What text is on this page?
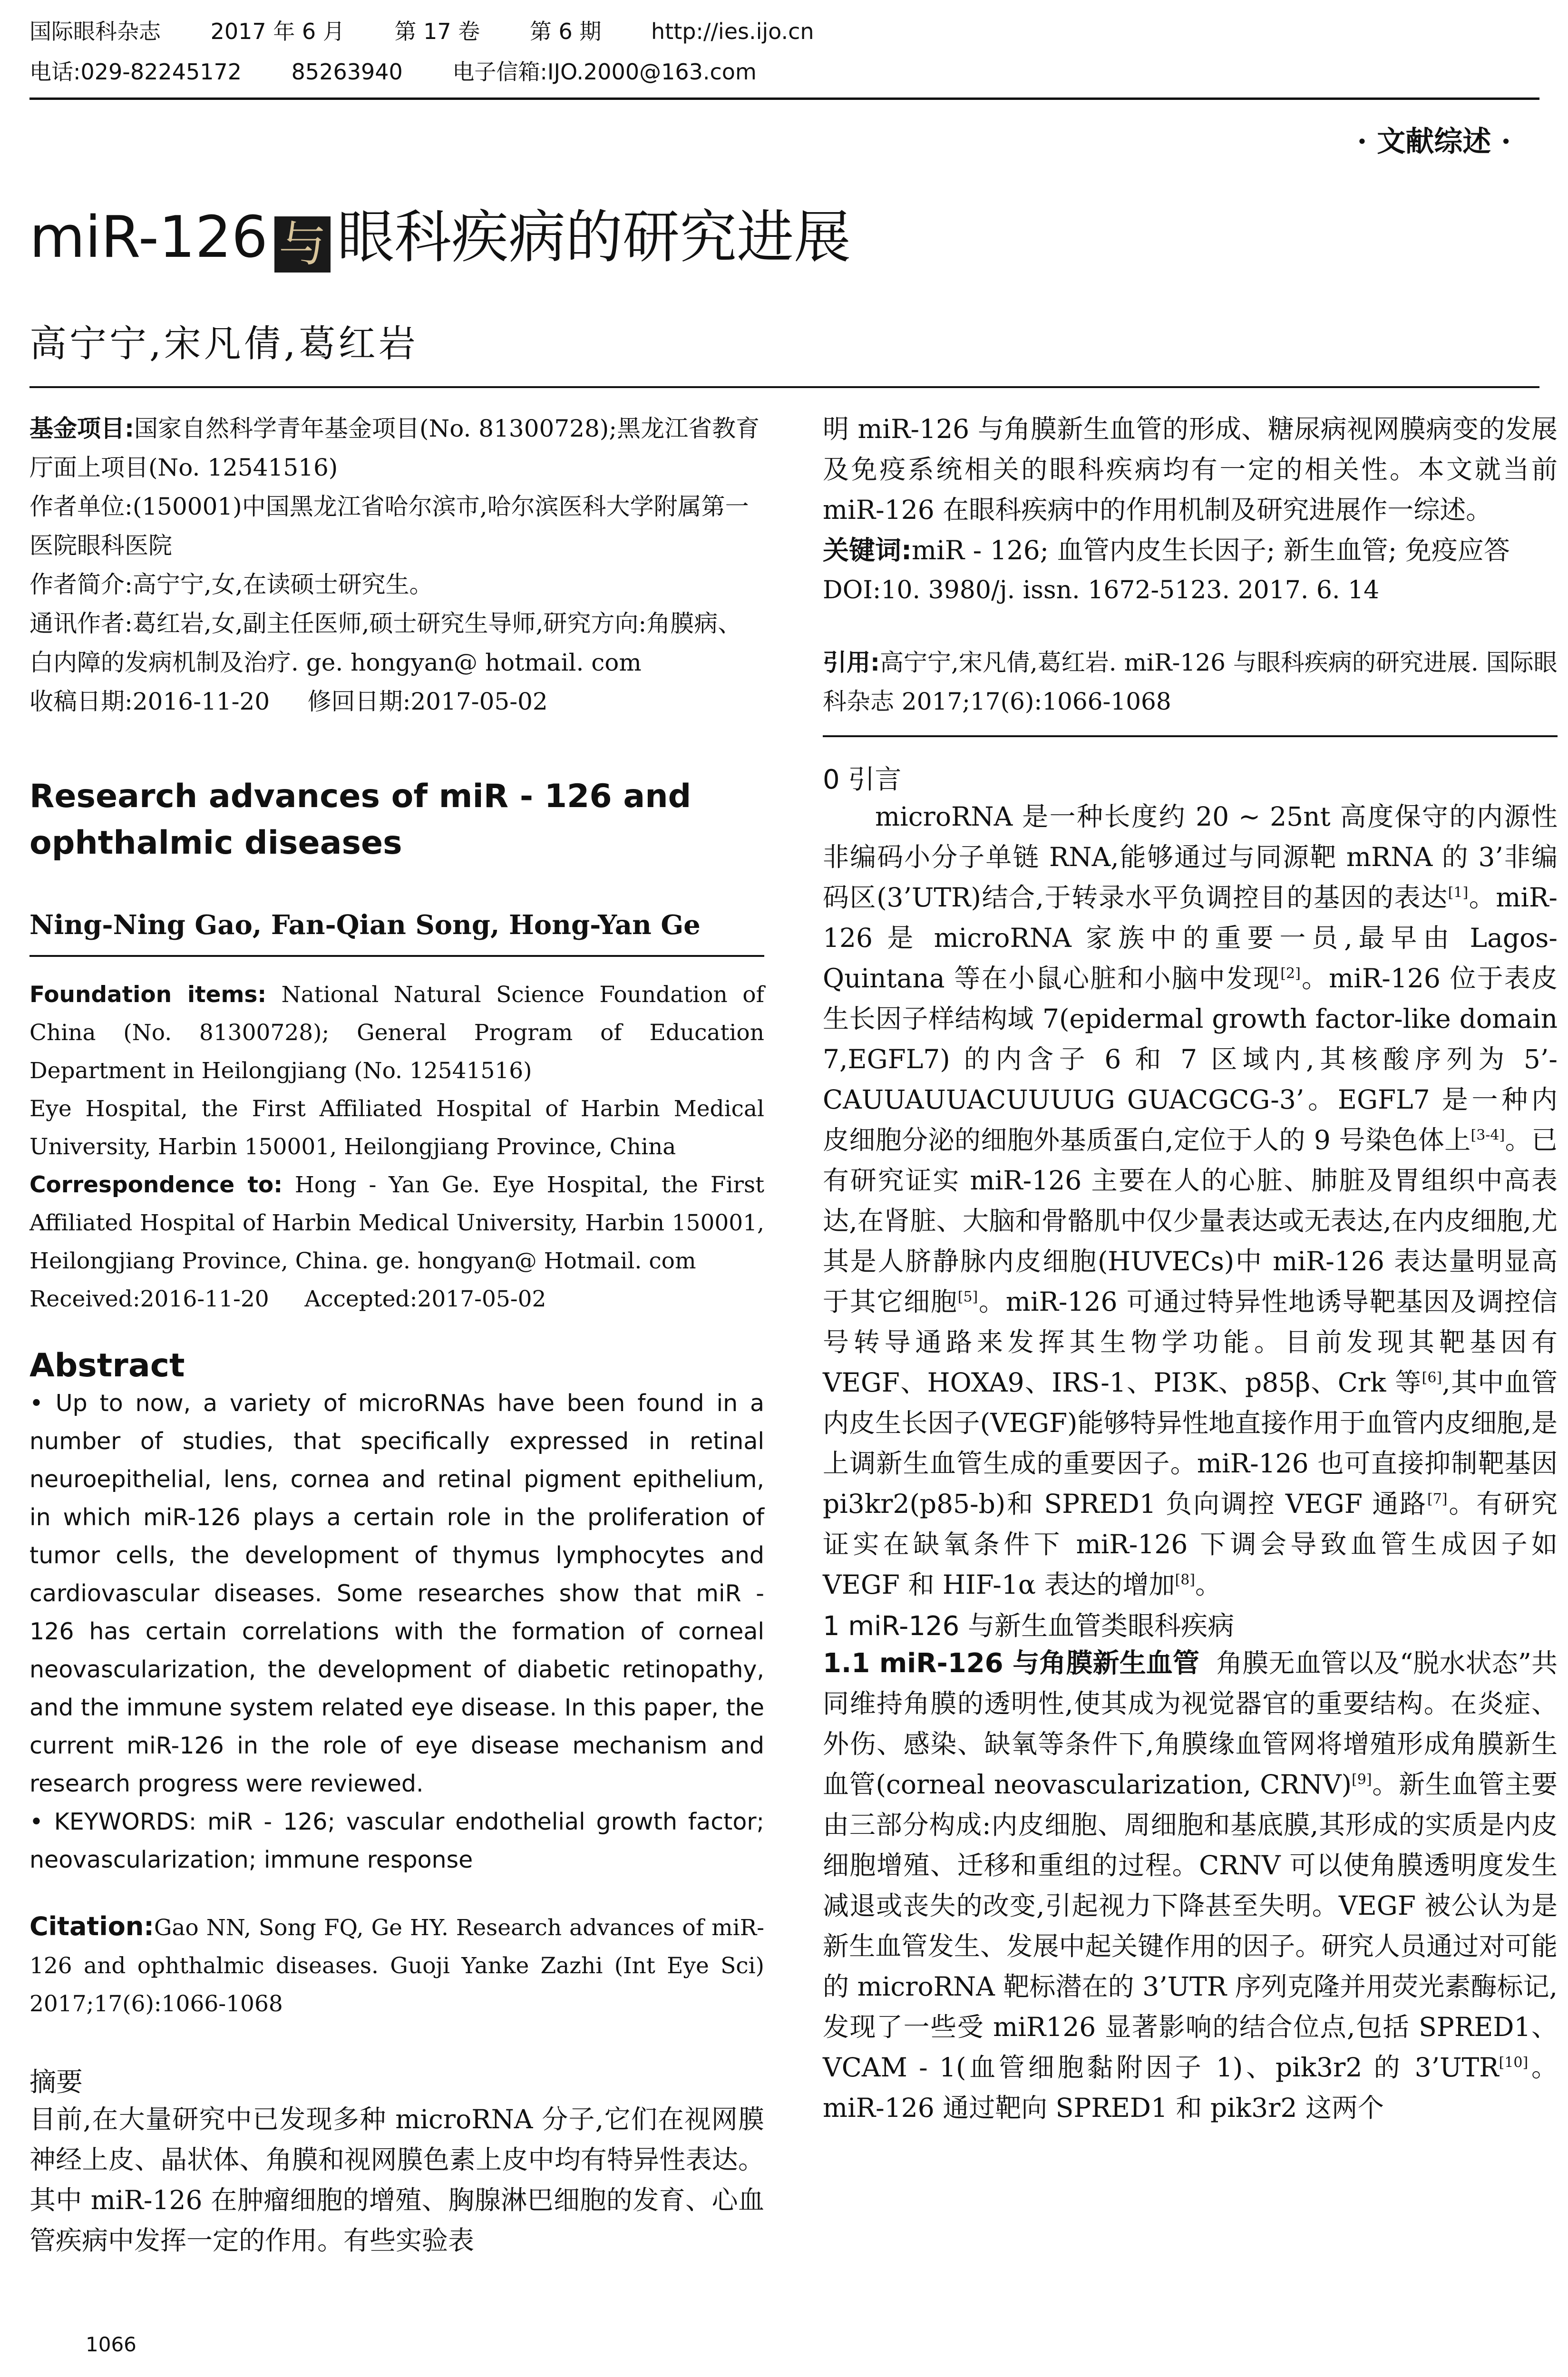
国际眼科杂志 2017 年 6 月 第 17 卷 第 6 期 http://ies.ijo.cn
电话:029-82245172 85263940 电子信箱:IJO.2000@163.com
· 文献综述 ·
miR-126 与 眼科疾病的研究进展
高宁宁,宋凡倩,葛红岩

基金项目:国家自然科学青年基金项目(No. 81300728);黑龙江省教育厅面上项目(No. 12541516)

作者单位:(150001)中国黑龙江省哈尔滨市,哈尔滨医科大学附属第一医院眼科医院

作者简介:高宁宁,女,在读硕士研究生。

通讯作者:葛红岩,女,副主任医师,硕士研究生导师,研究方向:角膜病、白内障的发病机制及治疗. ge. hongyan@ hotmail. com

收稿日期:2016-11-20     修回日期:2017-05-02

Research advances of miR - 126 and ophthalmic diseases

Ning-Ning Gao, Fan-Qian Song, Hong-Yan Ge

Foundation items: National Natural Science Foundation of China (No. 81300728); General Program of Education Department in Heilongjiang (No. 12541516)

Eye Hospital, the First Affiliated Hospital of Harbin Medical University, Harbin 150001, Heilongjiang Province, China

Correspondence to: Hong - Yan Ge. Eye Hospital, the First Affiliated Hospital of Harbin Medical University, Harbin 150001, Heilongjiang Province, China. ge. hongyan@ Hotmail. com

Received:2016-11-20     Accepted:2017-05-02

Abstract

• Up to now, a variety of microRNAs have been found in a number of studies, that specifically expressed in retinal neuroepithelial, lens, cornea and retinal pigment epithelium, in which miR-126 plays a certain role in the proliferation of tumor cells, the development of thymus lymphocytes and cardiovascular diseases. Some researches show that miR - 126 has certain correlations with the formation of corneal neovascularization, the development of diabetic retinopathy, and the immune system related eye disease. In this paper, the current miR-126 in the role of eye disease mechanism and research progress were reviewed.

• KEYWORDS: miR - 126; vascular endothelial growth factor; neovascularization; immune response

Citation:Gao NN, Song FQ, Ge HY. Research advances of miR-126 and ophthalmic diseases. Guoji Yanke Zazhi (Int Eye Sci) 2017;17(6):1066-1068

摘要

目前,在大量研究中已发现多种 microRNA 分子,它们在视网膜神经上皮、晶状体、角膜和视网膜色素上皮中均有特异性表达。其中 miR-126 在肿瘤细胞的增殖、胸腺淋巴细胞的发育、心血管疾病中发挥一定的作用。有些实验表

明 miR-126 与角膜新生血管的形成、糖尿病视网膜病变的发展及免疫系统相关的眼科疾病均有一定的相关性。本文就当前 miR-126 在眼科疾病中的作用机制及研究进展作一综述。

关键词:miR - 126; 血管内皮生长因子; 新生血管; 免疫应答

DOI:10. 3980/j. issn. 1672-5123. 2017. 6. 14

引用:高宁宁,宋凡倩,葛红岩. miR-126 与眼科疾病的研究进展. 国际眼科杂志 2017;17(6):1066-1068

0 引言

microRNA 是一种长度约 20 ~ 25nt 高度保守的内源性非编码小分子单链 RNA,能够通过与同源靶 mRNA 的 3’非编码区(3’UTR)结合,于转录水平负调控目的基因的表达[1]。miR-126 是 microRNA 家族中的重要一员,最早由 Lagos-Quintana 等在小鼠心脏和小脑中发现[2]。miR-126 位于表皮生长因子样结构域 7(epidermal growth factor-like domain 7,EGFL7) 的内含子 6 和 7 区域内,其核酸序列为 5’-CAUUAUUACUUUUG GUACGCG-3’。EGFL7 是一种内皮细胞分泌的细胞外基质蛋白,定位于人的 9 号染色体上[3-4]。已有研究证实 miR-126 主要在人的心脏、肺脏及胃组织中高表达,在肾脏、大脑和骨骼肌中仅少量表达或无表达,在内皮细胞,尤其是人脐静脉内皮细胞(HUVECs)中 miR-126 表达量明显高于其它细胞[5]。miR-126 可通过特异性地诱导靶基因及调控信号转导通路来发挥其生物学功能。目前发现其靶基因有 VEGF、HOXA9、IRS-1、PI3K、p85β、Crk 等[6],其中血管内皮生长因子(VEGF)能够特异性地直接作用于血管内皮细胞,是上调新生血管生成的重要因子。miR-126 也可直接抑制靶基因 pi3kr2(p85-b)和 SPRED1 负向调控 VEGF 通路[7]。有研究证实在缺氧条件下 miR-126 下调会导致血管生成因子如 VEGF 和 HIF-1α 表达的增加[8]。

1 miR-126 与新生血管类眼科疾病

1.1 miR-126 与角膜新生血管 角膜无血管以及“脱水状态”共同维持角膜的透明性,使其成为视觉器官的重要结构。在炎症、外伤、感染、缺氧等条件下,角膜缘血管网将增殖形成角膜新生血管(corneal neovascularization, CRNV)[9]。新生血管主要由三部分构成:内皮细胞、周细胞和基底膜,其形成的实质是内皮细胞增殖、迁移和重组的过程。CRNV 可以使角膜透明度发生减退或丧失的改变,引起视力下降甚至失明。VEGF 被公认为是新生血管发生、发展中起关键作用的因子。研究人员通过对可能的 microRNA 靶标潜在的 3’UTR 序列克隆并用荧光素酶标记,发现了一些受 miR126 显著影响的结合位点,包括 SPRED1、VCAM - 1(血管细胞黏附因子 1)、pik3r2 的 3’UTR[10]。miR-126 通过靶向 SPRED1 和 pik3r2 这两个

1066
